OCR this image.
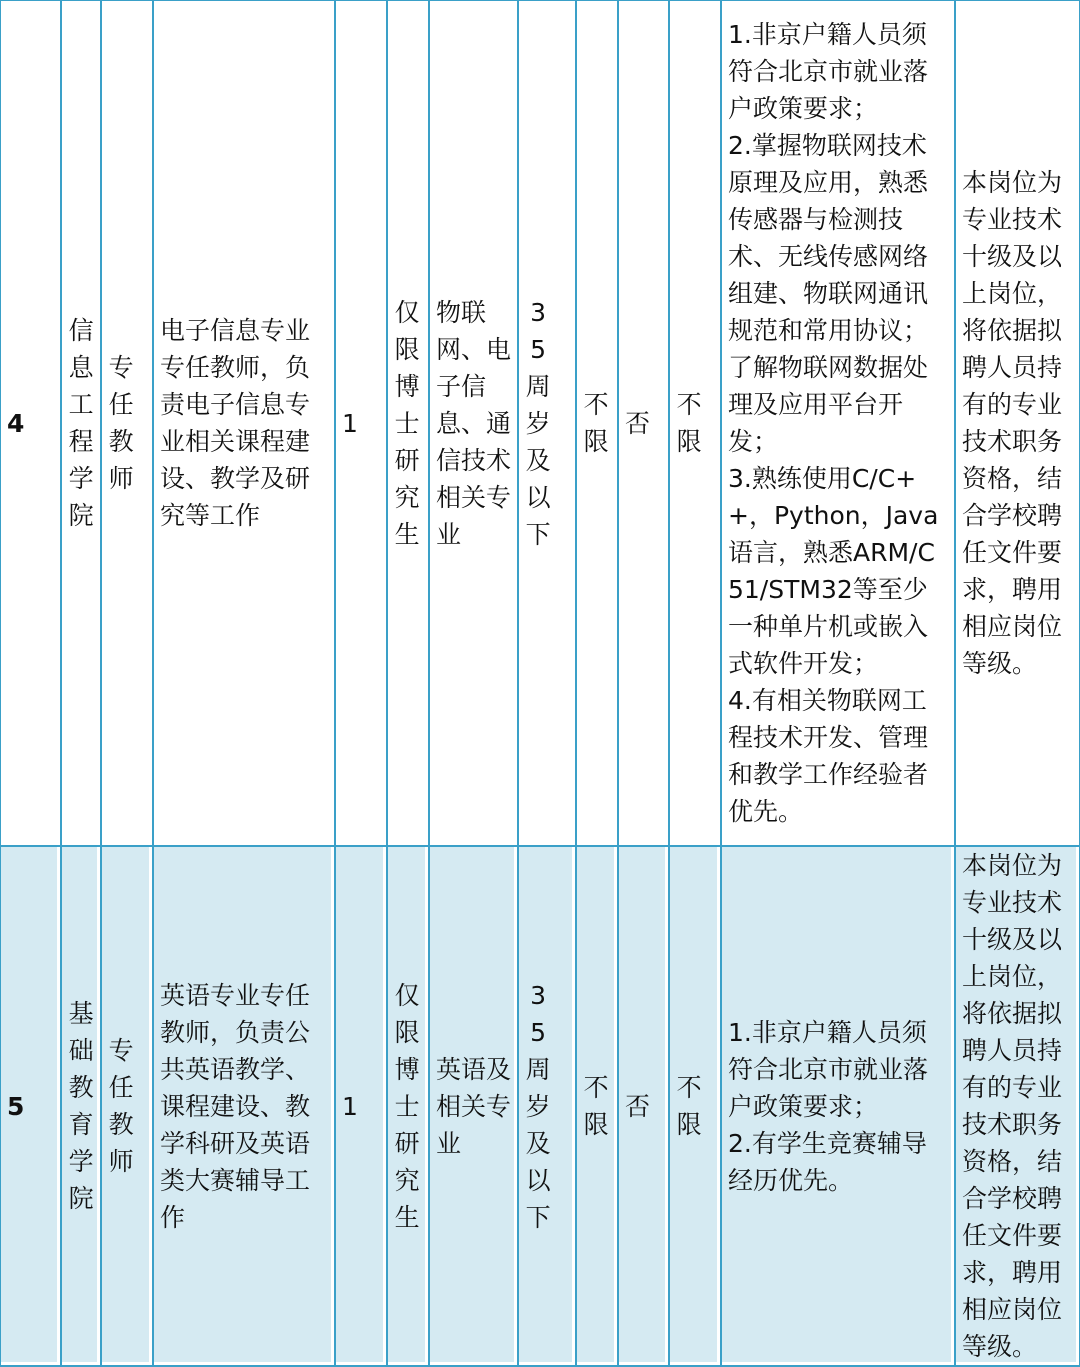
4	信息工程学院	专任教师	电子信息专业专任教师，负责电子信息专业相关课程建设、教学及研究等工作	1	仅限博士研究生	物联网、电子信息、通信技术相关专业	35周岁及以下	不限	否	不限	1.非京户籍人员须符合北京市就业落户政策要求；
2.掌握物联网技术原理及应用，熟悉传感器与检测技术、无线传感网络组建、物联网通讯规范和常用协议；了解物联网数据处理及应用平台开发；
3.熟练使用C/C++，Python，Java 语言，熟悉ARM/C51/STM32等至少一种单片机或嵌入式软件开发；
4.有相关物联网工程技术开发、管理和教学工作经验者优先。	本岗位为专业技术十级及以上岗位，将依据拟聘人员持有的专业技术职务资格，结合学校聘任文件要求，聘用相应岗位等级。
5	基础教育学院	专任教师	英语专业专任教师，负责公共英语教学、课程建设、教学科研及英语类大赛辅导工作	1	仅限博士研究生	英语及相关专业	35周岁及以下	不限	否	不限	1.非京户籍人员须符合北京市就业落户政策要求；
2.有学生竞赛辅导经历优先。	本岗位为专业技术十级及以上岗位，将依据拟聘人员持有的专业技术职务资格，结合学校聘任文件要求，聘用相应岗位等级。
